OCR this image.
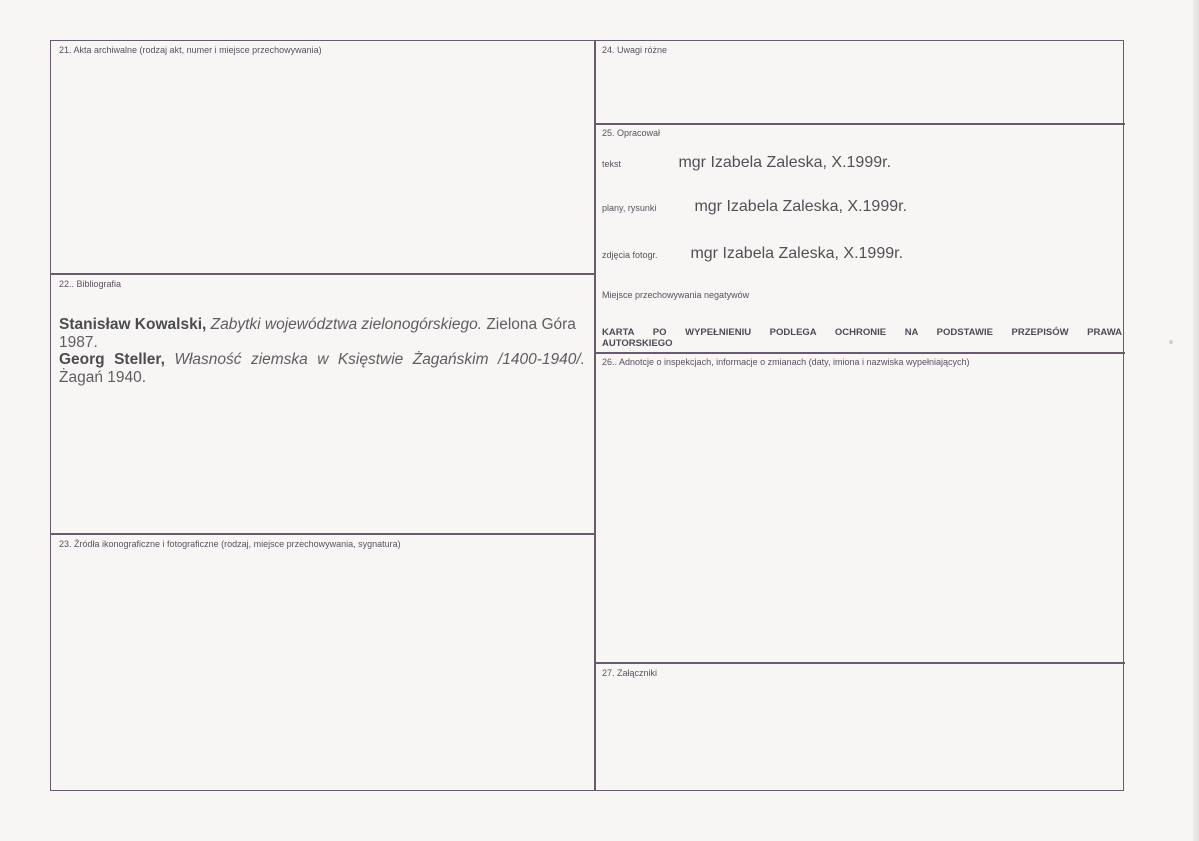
21. Akta archiwalne (rodzaj akt, numer i miejsce przechowywania)
22.. Bibliografia

Stanisław Kowalski, Zabytki województwa zielonogórskiego. Zielona Góra 1987.

Georg Steller, Własność ziemska w Księstwie Żagańskim /1400-1940/. Żagań 1940.

23. Źródła ikonograficzne i fotograficzne (rodzaj, miejsce przechowywania, sygnatura)
24. Uwagi różne
25. Opracował
tekst	mgr Izabela Zaleska, X.1999r.
plany, rysunki mgr Izabela Zaleska, X.1999r.
zdjęcia fotogr. mgr Izabela Zaleska, X.1999r.
Miejsce przechowywania negatywów
KARTA PO WYPEŁNIENIU PODLEGA OCHRONIE NA PODSTAWIE PRZEPISÓW PRAWA
AUTORSKIEGO
26.. Adnotcje o inspekcjach, informacje o zmianach (daty, imiona i nazwiska wypełniających)
27. Załączniki
